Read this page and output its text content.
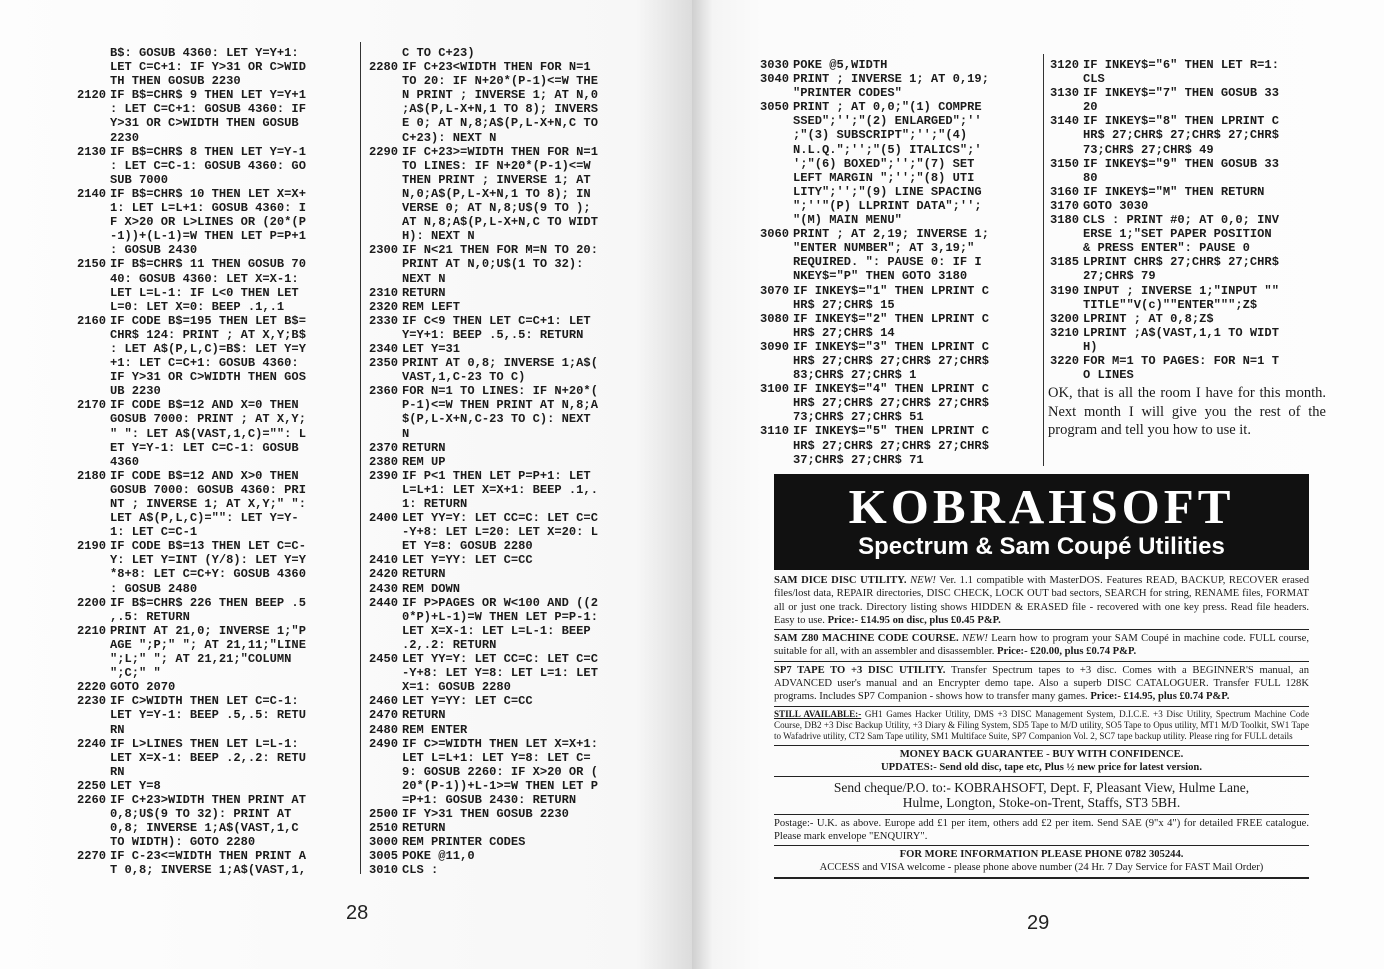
B$: GOSUB 4360: LET Y=Y+1:
LET C=C+1: IF Y>31 OR C>WID
TH THEN GOSUB 2230
2120 IF B$=CHR$ 9 THEN LET Y=Y+1
: LET C=C+1: GOSUB 4360: IF
Y>31 OR C>WIDTH THEN GOSUB
2230
2130 IF B$=CHR$ 8 THEN LET Y=Y-1
: LET C=C-1: GOSUB 4360: GO
SUB 7000
2140 IF B$=CHR$ 10 THEN LET X=X+
1: LET L=L+1: GOSUB 4360: I
F X>20 OR L>LINES OR (20*(P
-1))+(L-1)=W THEN LET P=P+1
: GOSUB 2430
2150 IF B$=CHR$ 11 THEN GOSUB 70
40: GOSUB 4360: LET X=X-1:
LET L=L-1: IF L<0 THEN LET
L=0: LET X=0: BEEP .1,.1
2160 IF CODE B$=195 THEN LET B$=
CHR$ 124: PRINT ; AT X,Y;B$
: LET A$(P,L,C)=B$: LET Y=Y
+1: LET C=C+1: GOSUB 4360:
IF Y>31 OR C>WIDTH THEN GOS
UB 2230
2170 IF CODE B$=12 AND X=0 THEN
GOSUB 7000: PRINT ; AT X,Y;
" ": LET A$(VAST,1,C)="": L
ET Y=Y-1: LET C=C-1: GOSUB
4360
2180 IF CODE B$=12 AND X>0 THEN
GOSUB 7000: GOSUB 4360: PRI
NT ; INVERSE 1; AT X,Y;" ":
LET A$(P,L,C)="": LET Y=Y-
1: LET C=C-1
2190 IF CODE B$=13 THEN LET C=C-
Y: LET Y=INT (Y/8): LET Y=Y
*8+8: LET C=C+Y: GOSUB 4360
: GOSUB 2480
2200 IF B$=CHR$ 226 THEN BEEP .5
,.5: RETURN
2210 PRINT AT 21,0; INVERSE 1;"P
AGE ";P;" "; AT 21,11;"LINE
";L;" "; AT 21,21;"COLUMN
";C;" "
2220 GOTO 2070
2230 IF C>WIDTH THEN LET C=C-1:
LET Y=Y-1: BEEP .5,.5: RETU
RN
2240 IF L>LINES THEN LET L=L-1:
LET X=X-1: BEEP .2,.2: RETU
RN
2250 LET Y=8
2260 IF C+23>WIDTH THEN PRINT AT
0,8;U$(9 TO 32): PRINT AT
0,8; INVERSE 1;A$(VAST,1,C
TO WIDTH): GOTO 2280
2270 IF C-23<=WIDTH THEN PRINT A
T 0,8; INVERSE 1;A$(VAST,1,
C TO C+23)
2280 IF C+23<WIDTH THEN FOR N=1
TO 20: IF N+20*(P-1)<=W THE
N PRINT ; INVERSE 1; AT N,0
;A$(P,L-X+N,1 TO 8); INVERS
E 0; AT N,8;A$(P,L-X+N,C TO
C+23): NEXT N
2290 IF C+23>=WIDTH THEN FOR N=1
TO LINES: IF N+20*(P-1)<=W
THEN PRINT ; INVERSE 1; AT
N,0;A$(P,L-X+N,1 TO 8); IN
VERSE 0; AT N,8;U$(9 TO );
AT N,8;A$(P,L-X+N,C TO WIDT
H): NEXT N
2300 IF N<21 THEN FOR M=N TO 20:
PRINT AT N,0;U$(1 TO 32):
NEXT N
2310 RETURN
2320 REM LEFT
2330 IF C<9 THEN LET C=C+1: LET
Y=Y+1: BEEP .5,.5: RETURN
2340 LET Y=31
2350 PRINT AT 0,8; INVERSE 1;A$(
VAST,1,C-23 TO C)
2360 FOR N=1 TO LINES: IF N+20*(
P-1)<=W THEN PRINT AT N,8;A
$(P,L-X+N,C-23 TO C): NEXT
N
2370 RETURN
2380 REM UP
2390 IF P<1 THEN LET P=P+1: LET
L=L+1: LET X=X+1: BEEP .1,.
1: RETURN
2400 LET YY=Y: LET CC=C: LET C=C
-Y+8: LET L=20: LET X=20: L
ET Y=8: GOSUB 2280
2410 LET Y=YY: LET C=CC
2420 RETURN
2430 REM DOWN
2440 IF P>PAGES OR W<100 AND ((2
0*P)+L-1)=W THEN LET P=P-1:
LET X=X-1: LET L=L-1: BEEP
.2,.2: RETURN
2450 LET YY=Y: LET CC=C: LET C=C
-Y+8: LET Y=8: LET L=1: LET
X=1: GOSUB 2280
2460 LET Y=YY: LET C=CC
2470 RETURN
2480 REM ENTER
2490 IF C>=WIDTH THEN LET X=X+1:
LET L=L+1: LET Y=8: LET C=
9: GOSUB 2260: IF X>20 OR (
20*(P-1))+L-1>=W THEN LET P
=P+1: GOSUB 2430: RETURN
2500 IF Y>31 THEN GOSUB 2230
2510 RETURN
3000 REM PRINTER CODES
3005 POKE @11,0
3010 CLS :
28
3030 POKE @5,WIDTH
3040 PRINT ; INVERSE 1; AT 0,19;
"PRINTER CODES"
3050 PRINT ; AT 0,0;"(1) COMPRE
SSED";'';"(2) ENLARGED";''
;"(3) SUBSCRIPT";'';"(4)
N.L.Q.";'';"(5) ITALICS";'
';"(6) BOXED";'';"(7) SET
LEFT MARGIN ";'';"(8) UTI
LITY";'';"(9) LINE SPACING
";''"(P) LLPRINT DATA";'';
"(M) MAIN MENU"
3060 PRINT ; AT 2,19; INVERSE 1;
"ENTER NUMBER"; AT 3,19;"
REQUIRED. ": PAUSE 0: IF I
NKEY$="P" THEN GOTO 3180
3070 IF INKEY$="1" THEN LPRINT C
HR$ 27;CHR$ 15
3080 IF INKEY$="2" THEN LPRINT C
HR$ 27;CHR$ 14
3090 IF INKEY$="3" THEN LPRINT C
HR$ 27;CHR$ 27;CHR$ 27;CHR$
83;CHR$ 27;CHR$ 1
3100 IF INKEY$="4" THEN LPRINT C
HR$ 27;CHR$ 27;CHR$ 27;CHR$
73;CHR$ 27;CHR$ 51
3110 IF INKEY$="5" THEN LPRINT C
HR$ 27;CHR$ 27;CHR$ 27;CHR$
37;CHR$ 27;CHR$ 71
3120 IF INKEY$="6" THEN LET R=1:
CLS
3130 IF INKEY$="7" THEN GOSUB 33
20
3140 IF INKEY$="8" THEN LPRINT C
HR$ 27;CHR$ 27;CHR$ 27;CHR$
73;CHR$ 27;CHR$ 49
3150 IF INKEY$="9" THEN GOSUB 33
80
3160 IF INKEY$="M" THEN RETURN
3170 GOTO 3030
3180 CLS : PRINT #0; AT 0,0; INV
ERSE 1;"SET PAPER POSITION
& PRESS ENTER": PAUSE 0
3185 LPRINT CHR$ 27;CHR$ 27;CHR$
27;CHR$ 79
3190 INPUT ; INVERSE 1;"INPUT ""
TITLE""V(c)""ENTER""";Z$
3200 LPRINT ; AT 0,8;Z$
3210 LPRINT ;A$(VAST,1,1 TO WIDT
H)
3220 FOR M=1 TO PAGES: FOR N=1 T
O LINES
OK, that is all the room I have for this month. Next month I will give you the rest of the program and tell you how to use it.
KOBRAHSOFT
Spectrum & Sam Coupé Utilities
SAM DICE DISC UTILITY. NEW! Ver. 1.1 compatible with MasterDOS. Features READ, BACKUP, RECOVER erased files/lost data, REPAIR directories, DISC CHECK, LOCK OUT bad sectors, SEARCH for string, RENAME files, FORMAT all or just one track. Directory listing shows HIDDEN & ERASED file - recovered with one key press. Read file headers. Easy to use. Price:- £14.95 on disc, plus £0.45 P&P.
SAM Z80 MACHINE CODE COURSE. NEW! Learn how to program your SAM Coupé in machine code. FULL course, suitable for all, with an assembler and disassembler. Price:- £20.00, plus £0.74 P&P.
SP7 TAPE TO +3 DISC UTILITY. Transfer Spectrum tapes to +3 disc. Comes with a BEGINNER'S manual, an ADVANCED user's manual and an Encrypter demo tape. Also a superb DISC CATALOGUER. Transfer FULL 128K programs. Includes SP7 Companion - shows how to transfer many games. Price:- £14.95, plus £0.74 P&P.
STILL AVAILABLE:- GH1 Games Hacker Utility, DMS +3 DISC Management System, D.I.C.E. +3 Disc Utility, Spectrum Machine Code Course, DB2 +3 Disc Backup Utility, +3 Diary & Filing System, SD5 Tape to M/D utility, SO5 Tape to Opus utility, MT1 M/D Toolkit, SW1 Tape to Wafadrive utility, CT2 Sam Tape utility, SM1 Multiface Suite, SP7 Companion Vol. 2, SC7 tape backup utility. Please ring for FULL details
MONEY BACK GUARANTEE - BUY WITH CONFIDENCE.
UPDATES:- Send old disc, tape etc, Plus ½ new price for latest version.
Send cheque/P.O. to:- KOBRAHSOFT, Dept. F, Pleasant View, Hulme Lane,
Hulme, Longton, Stoke-on-Trent, Staffs, ST3 5BH.
Postage:- U.K. as above. Europe add £1 per item, others add £2 per item. Send SAE (9"x 4") for detailed FREE catalogue. Please mark envelope "ENQUIRY".
FOR MORE INFORMATION PLEASE PHONE 0782 305244.
ACCESS and VISA welcome - please phone above number (24 Hr. 7 Day Service for FAST Mail Order)
29
